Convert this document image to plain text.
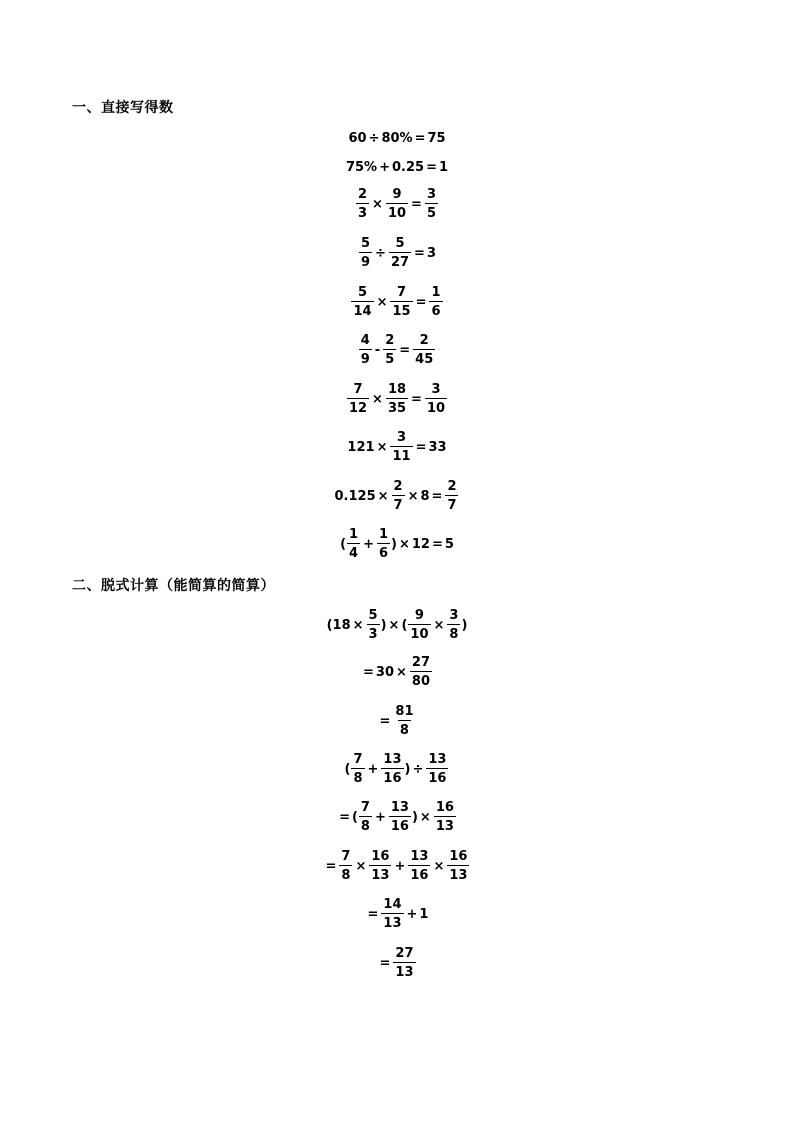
一、直接写得数
60 ÷ 80% = 75
75% + 0.25 = 1
$\frac{2}{3} \times \frac{9}{10} = \frac{3}{5}$
$\frac{5}{9} \div \frac{5}{27} = 3$
$\frac{5}{14} \times \frac{7}{15} = \frac{1}{6}$
$\frac{4}{9} - \frac{2}{5} = \frac{2}{45}$
$\frac{7}{12} \times \frac{18}{35} = \frac{3}{10}$
$121 \times \frac{3}{11} = 33$
$0.125 \times \frac{2}{7} \times 8 = \frac{2}{7}$
( $\frac{1}{4} + \frac{1}{6}$ ) × 12 = 5
二、脱式计算（能简算的简算）
($18 \times \frac{5}{3}$ ) × ( $\frac{9}{10} \times \frac{3}{8}$ )
= $30 \times \frac{27}{80}$
= $\frac{81}{8}$
( $\frac{7}{8} + \frac{13}{16}$ ) ÷ $\frac{13}{16}$
= ( $\frac{7}{8} + \frac{13}{16}$ ) × $\frac{16}{13}$
= $\frac{7}{8} \times \frac{16}{13} + \frac{13}{16} \times \frac{16}{13}$
= $\frac{14}{13} + 1$
= $\frac{27}{13}$
